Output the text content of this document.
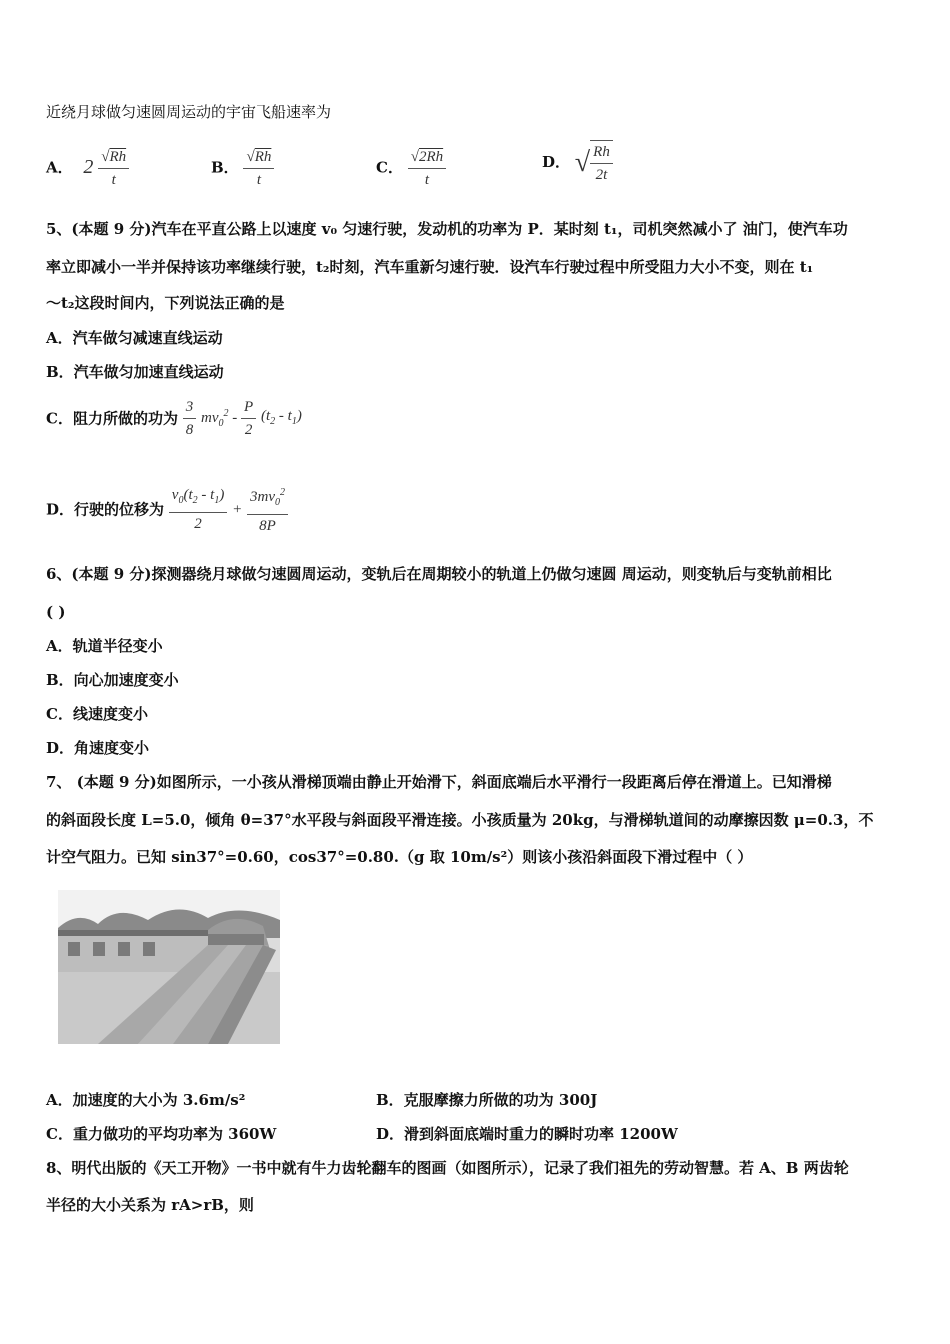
近绕月球做匀速圆周运动的宇宙飞船速率为
A． $2 \frac{√Rh}{t}$	B． $\frac{√Rh}{t}$	C． $\frac{√2Rh}{t}$	D． √ $\frac{Rh}{2t}$
5、(本题 9 分)汽车在平直公路上以速度 v₀ 匀速行驶，发动机的功率为 P．某时刻 t₁，司机突然减小了 油门，使汽车功
率立即减小一半并保持该功率继续行驶，t₂时刻，汽车重新匀速行驶．设汽车行驶过程中所受阻力大小不变，则在 t₁
～t₂这段时间内，下列说法正确的是
A．汽车做匀减速直线运动
B．汽车做匀加速直线运动
C．阻力所做的功为 $\frac{3}{8} mv_0^2 - \frac{P}{2} (t_2 - t_1)$
D．行驶的位移为 $\frac{v_0(t_2 - t_1)}{2} + \frac{3mv_0^2}{8P}$
6、(本题 9 分)探测器绕月球做匀速圆周运动，变轨后在周期较小的轨道上仍做匀速圆 周运动，则变轨后与变轨前相比
( )
A．轨道半径变小
B．向心加速度变小
C．线速度变小
D．角速度变小
7、 (本题 9 分)如图所示，一小孩从滑梯顶端由静止开始滑下，斜面底端后水平滑行一段距离后停在滑道上。已知滑梯
的斜面段长度 L=5.0，倾角 θ=37°水平段与斜面段平滑连接。小孩质量为 20kg，与滑梯轨道间的动摩擦因数 μ=0.3，不
计空气阻力。已知 sin37°=0.60，cos37°=0.80.（g 取 10m/s²）则该小孩沿斜面段下滑过程中（ ）
A．加速度的大小为 3.6m/s²	B．克服摩擦力所做的功为 300J
C．重力做功的平均功率为 360W	D．滑到斜面底端时重力的瞬时功率 1200W
8、明代出版的《天工开物》一书中就有牛力齿轮翻车的图画（如图所示），记录了我们祖先的劳动智慧。若 A、B 两齿轮
半径的大小关系为 rA>rB，则
